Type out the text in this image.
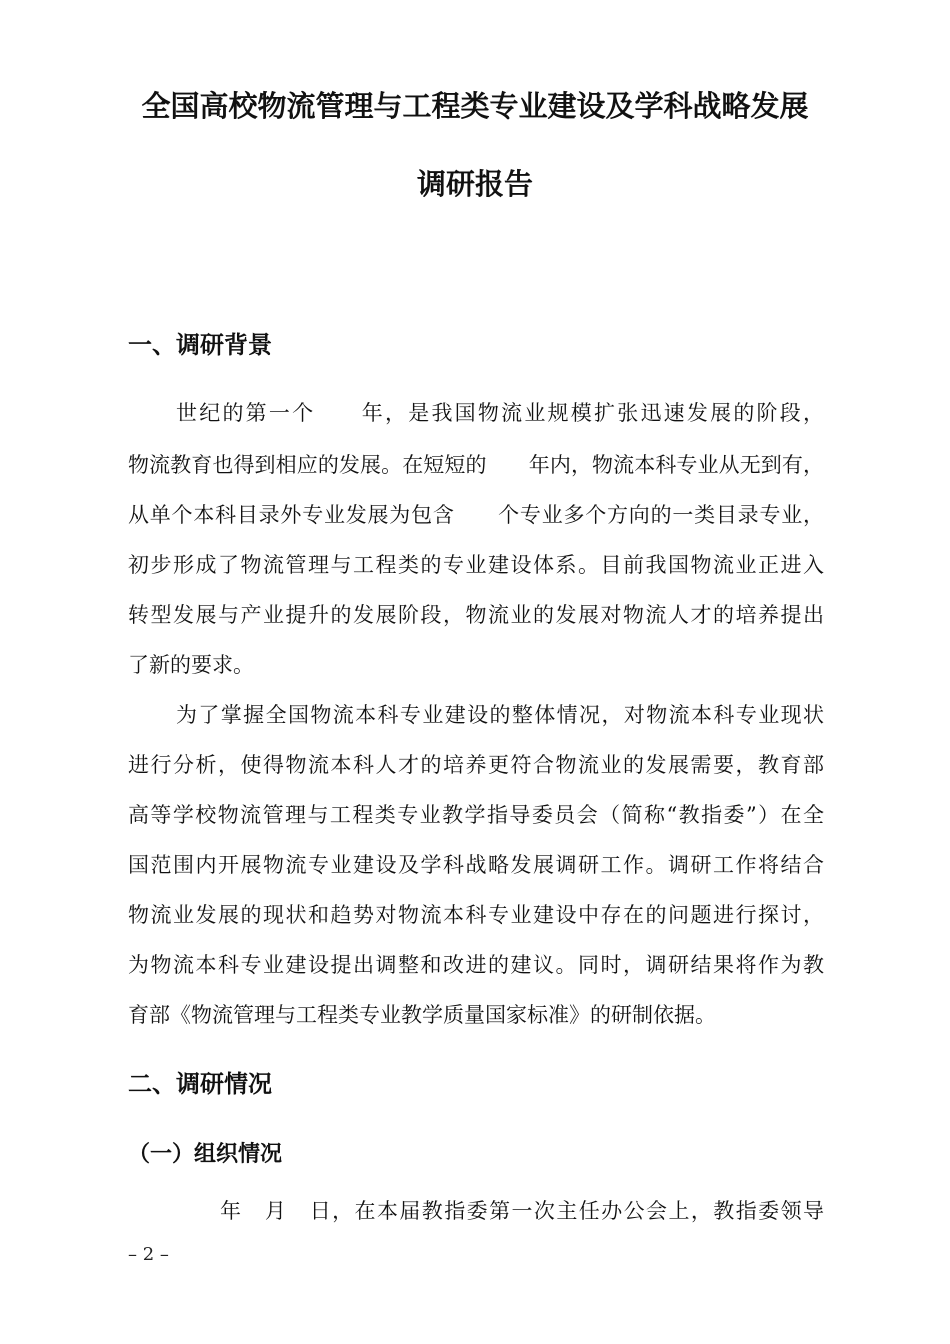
全国高校物流管理与工程类专业建设及学科战略发展
调研报告
一、调研背景
世纪的第一个　　年，是我国物流业规模扩张迅速发展的阶段，
物流教育也得到相应的发展。在短短的　　年内，物流本科专业从无到有，
从单个本科目录外专业发展为包含　　个专业多个方向的一类目录专业，
初步形成了物流管理与工程类的专业建设体系。目前我国物流业正进入
转型发展与产业提升的发展阶段，物流业的发展对物流人才的培养提出
了新的要求。
为了掌握全国物流本科专业建设的整体情况，对物流本科专业现状
进行分析，使得物流本科人才的培养更符合物流业的发展需要，教育部
高等学校物流管理与工程类专业教学指导委员会（简称“教指委”）在全
国范围内开展物流专业建设及学科战略发展调研工作。调研工作将结合
物流业发展的现状和趋势对物流本科专业建设中存在的问题进行探讨，
为物流本科专业建设提出调整和改进的建议。同时，调研结果将作为教
育部《物流管理与工程类专业教学质量国家标准》的研制依据。
二、调研情况
（一）组织情况
年　月　日，在本届教指委第一次主任办公会上，教指委领导
– 2 –
